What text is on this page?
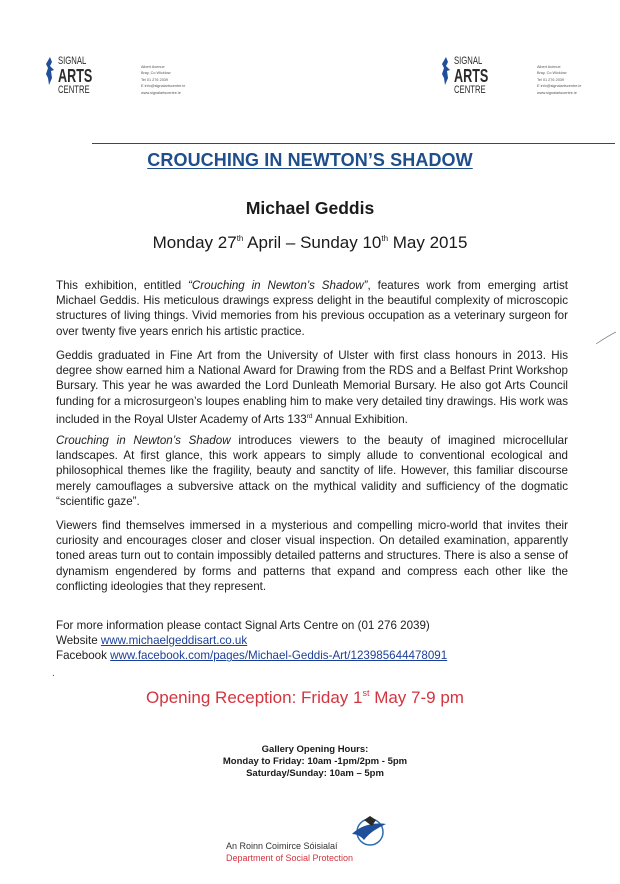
SIGNAL
ARTS
CENTRE
Albert Avenue
Bray, Co Wicklow
Tel 01 276 2039
E info@signalartscentre.ie
www.signalartscentre.ie
SIGNAL
ARTS
CENTRE
Albert Avenue
Bray, Co Wicklow
Tel 01 276 2039
E info@signalartscentre.ie
www.signalartscentre.ie
CROUCHING IN NEWTON’S SHADOW
Michael Geddis
Monday 27th April – Sunday 10th May 2015
This exhibition, entitled “Crouching in Newton’s Shadow”, features work from emerging artist Michael Geddis. His meticulous drawings express delight in the beautiful complexity of microscopic structures of living things. Vivid memories from his previous occupation as a veterinary surgeon for over twenty five years enrich his artistic practice.
Geddis graduated in Fine Art from the University of Ulster with first class honours in 2013. His degree show earned him a National Award for Drawing from the RDS and a Belfast Print Workshop Bursary. This year he was awarded the Lord Dunleath Memorial Bursary. He also got Arts Council funding for a microsurgeon’s loupes enabling him to make very detailed tiny drawings. His work was included in the Royal Ulster Academy of Arts 133rd Annual Exhibition.
Crouching in Newton’s Shadow introduces viewers to the beauty of imagined microcellular landscapes. At first glance, this work appears to simply allude to conventional ecological and philosophical themes like the fragility, beauty and sanctity of life. However, this familiar discourse merely camouflages a subversive attack on the mythical validity and sufficiency of the dogmatic “scientific gaze”.
Viewers find themselves immersed in a mysterious and compelling micro-world that invites their curiosity and encourages closer and closer visual inspection. On detailed examination, apparently toned areas turn out to contain impossibly detailed patterns and structures. There is also a sense of dynamism engendered by forms and patterns that expand and compress each other like the conflicting ideologies that they represent.
For more information please contact Signal Arts Centre on (01 276 2039)
Website www.michaelgeddisart.co.uk
Facebook www.facebook.com/pages/Michael-Geddis-Art/123985644478091
.
Opening Reception: Friday 1st May 7-9 pm
Gallery Opening Hours:
Monday to Friday: 10am -1pm/2pm - 5pm
Saturday/Sunday: 10am – 5pm
An Roinn Coimirce Sóisialaí
Department of Social Protection
